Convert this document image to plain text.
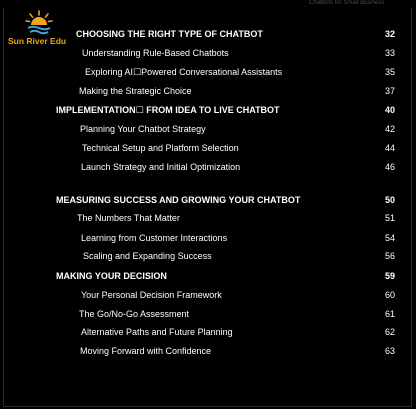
Chatbots for Small Business
Sun River Edu
CHOOSING THE RIGHT TYPE OF CHATBOT	32
Understanding Rule-Based Chatbots	33
Exploring AI☐Powered Conversational Assistants	35
Making the Strategic Choice	37
IMPLEMENTATION☐ FROM IDEA TO LIVE CHATBOT	40
Planning Your Chatbot Strategy	42
Technical Setup and Platform Selection	44
Launch Strategy and Initial Optimization	46
MEASURING SUCCESS AND GROWING YOUR CHATBOT	50
The Numbers That Matter	51
Learning from Customer Interactions	54
Scaling and Expanding Success	56
MAKING YOUR DECISION	59
Your Personal Decision Framework	60
The Go/No-Go Assessment	61
Alternative Paths and Future Planning	62
Moving Forward with Confidence	63
